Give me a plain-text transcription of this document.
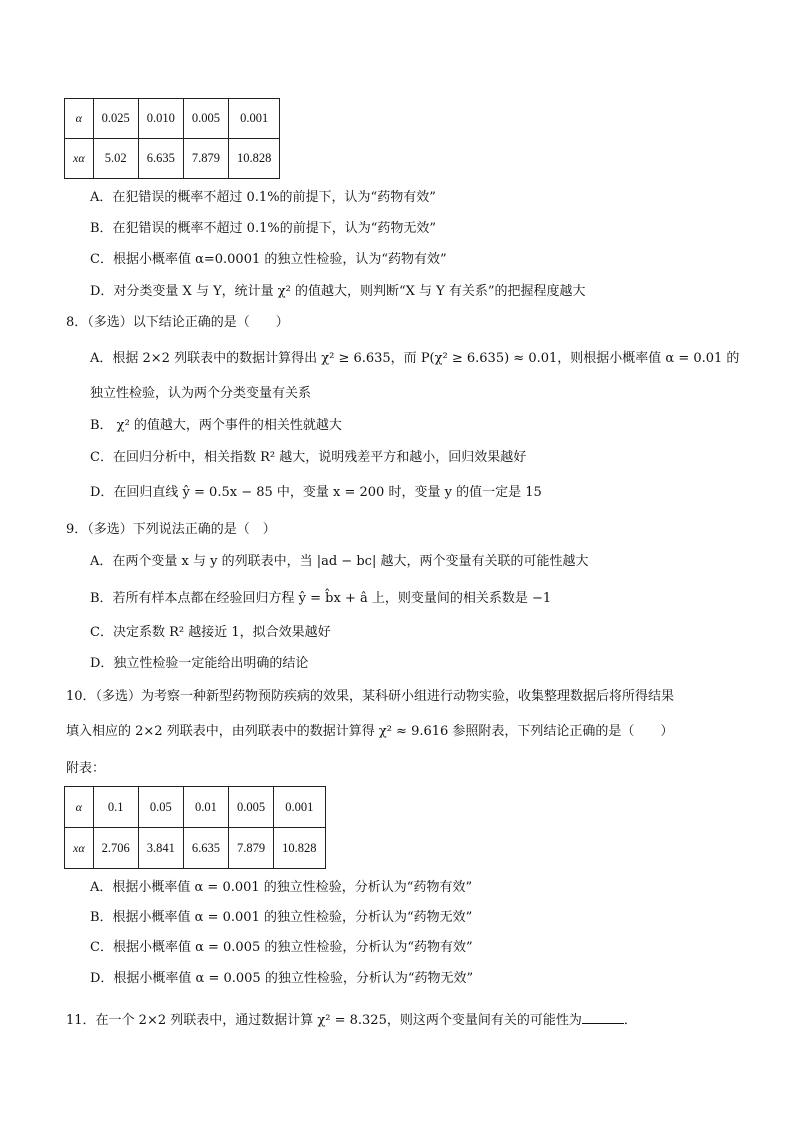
α	0.025	0.010	0.005	0.001
xα	5.02	6.635	7.879	10.828
A．在犯错误的概率不超过 0.1%的前提下，认为“药物有效”
B．在犯错误的概率不超过 0.1%的前提下，认为“药物无效”
C．根据小概率值 α=0.0001 的独立性检验，认为“药物有效”
D．对分类变量 X 与 Y，统计量 χ² 的值越大，则判断“X 与 Y 有关系”的把握程度越大
8．（多选）以下结论正确的是（　　）
A．根据 2×2 列联表中的数据计算得出 χ² ≥ 6.635，而 P(χ² ≥ 6.635) ≈ 0.01，则根据小概率值 α = 0.01 的
独立性检验，认为两个分类变量有关系
B． χ² 的值越大，两个事件的相关性就越大
C．在回归分析中，相关指数 R² 越大，说明残差平方和越小，回归效果越好
D．在回归直线 ŷ = 0.5x − 85 中，变量 x = 200 时，变量 y 的值一定是 15
9．（多选）下列说法正确的是（　）
A．在两个变量 x 与 y 的列联表中，当 |ad − bc| 越大，两个变量有关联的可能性越大
B．若所有样本点都在经验回归方程 ŷ = b̂x + â 上，则变量间的相关系数是 −1
C．决定系数 R² 越接近 1，拟合效果越好
D．独立性检验一定能给出明确的结论
10．（多选）为考察一种新型药物预防疾病的效果，某科研小组进行动物实验，收集整理数据后将所得结果
填入相应的 2×2 列联表中，由列联表中的数据计算得 χ² ≈ 9.616 参照附表，下列结论正确的是（　　）
附表：
α	0.1	0.05	0.01	0.005	0.001
xα	2.706	3.841	6.635	7.879	10.828
A．根据小概率值 α = 0.001 的独立性检验，分析认为“药物有效”
B．根据小概率值 α = 0.001 的独立性检验，分析认为“药物无效”
C．根据小概率值 α = 0.005 的独立性检验，分析认为“药物有效”
D．根据小概率值 α = 0.005 的独立性检验，分析认为“药物无效”
11．在一个 2×2 列联表中，通过数据计算 χ² = 8.325，则这两个变量间有关的可能性为	．
